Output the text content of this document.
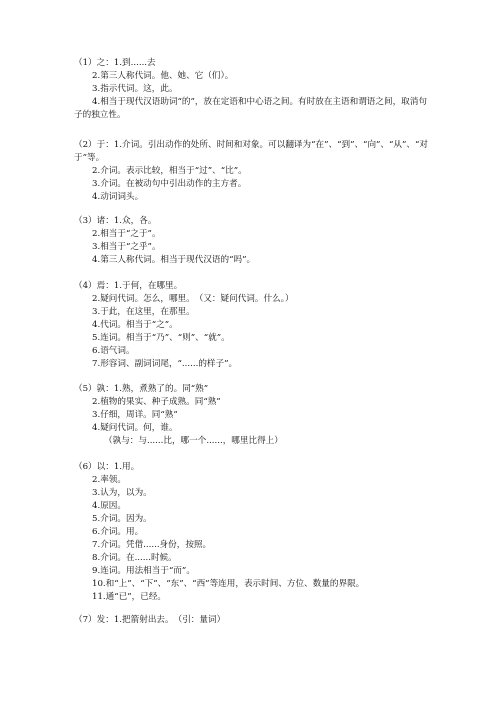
（1）之：1.到......去
2.第三人称代词。他、她、它（们）。
3.指示代词。这，此。
4.相当于现代汉语助词“的”，放在定语和中心语之间。有时放在主语和谓语之间，取消句子的独立性。
（2）于：1.介词。引出动作的处所、时间和对象。可以翻译为“在”、“到”、“向”、“从”、“对于”等。
2.介词。表示比较，相当于“过”、“比”。
3.介词。在被动句中引出动作的主方者。
4.动词词头。
（3）诸：1.众，各。
2.相当于“之于”。
3.相当于“之乎”。
4.第三人称代词。相当于现代汉语的“吗”。
（4）焉：1.于何，在哪里。
2.疑问代词。怎么，哪里。　（又：疑问代词。什么。）
3.于此，在这里，在那里。
4.代词。相当于“之”。
5.连词。相当于“乃”、“则”、“就”。
6.语气词。
7.形容词、副词词尾，“......的样子”。
（5）孰：1.熟，煮熟了的。同“熟”
2.植物的果实、种子成熟。同“熟”
3.仔细，周详。同“熟”
4.疑问代词。何，谁。
（孰与：与......比，哪一个......，哪里比得上）
（6）以：1.用。
2.率领。
3.认为，以为。
4.原因。
5.介词。因为。
6.介词。用。
7.介词。凭借......身份，按照。
8.介词。在......时候。
9.连词。用法相当于“而”。
10.和“上”、“下”、“东”、“西”等连用，表示时间、方位、数量的界限。
11.通“已”，已经。
（7）发：1.把箭射出去。　（引：量词）
